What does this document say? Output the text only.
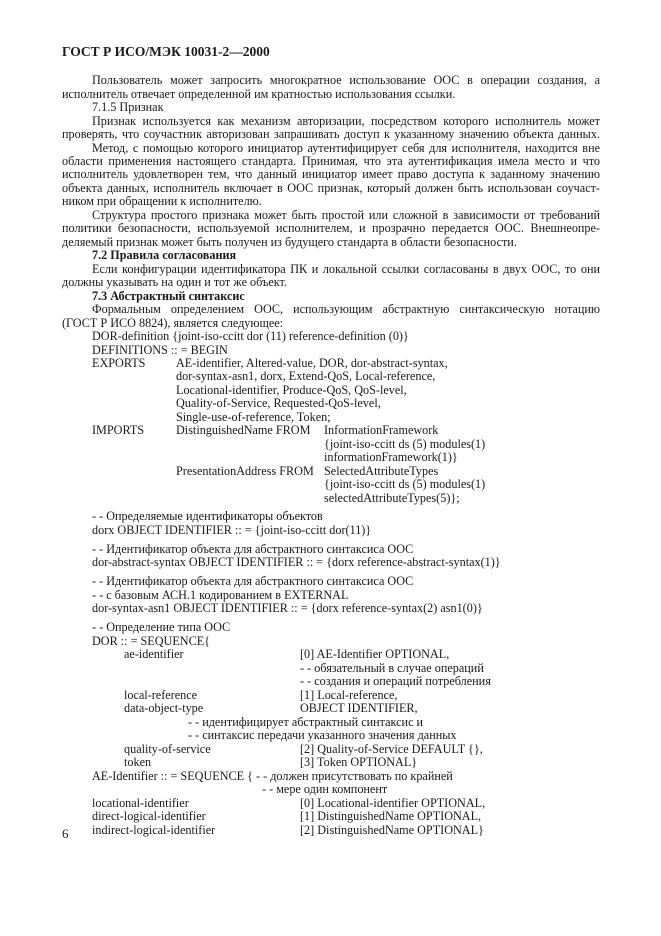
ГОСТ Р ИСО/МЭК 10031-2—2000
Пользователь может запросить многократное использование ООС в операции создания, а
исполнитель отвечает определенной им кратностью использования ссылки.
7.1.5 Признак
Признак используется как механизм авторизации, посредством которого исполнитель может
проверять, что соучастник авторизован запрашивать доступ к указанному значению объекта данных.
Метод, с помощью которого инициатор аутентифицирует себя для исполнителя, находится вне
области применения настоящего стандарта. Принимая, что эта аутентификация имела место и что
исполнитель удовлетворен тем, что данный инициатор имеет право доступа к заданному значению
объекта данных, исполнитель включает в ООС признак, который должен быть использован соучаст-
ником при обращении к исполнителю.
Структура простого признака может быть простой или сложной в зависимости от требований
политики безопасности, используемой исполнителем, и прозрачно передается ООС. Внешнеопре-
деляемый признак может быть получен из будущего стандарта в области безопасности.
7.2 Правила согласования
Если конфигурации идентификатора ПК и локальной ссылки согласованы в двух ООС, то они
должны указывать на один и тот же объект.
7.3 Абстрактный синтаксис
Формальным определением ООС, использующим абстрактную синтаксическую нотацию
(ГОСТ Р ИСО 8824), является следующее:
DOR-definition {joint-iso-ccitt dor (11) reference-definition (0)}
DEFINITIONS :: = BEGIN
EXPORTS	AE-identifier, Altered-value, DOR, dor-abstract-syntax,
dor-syntax-asn1, dorx, Extend-QoS, Local-reference,
Locational-identifier, Produce-QoS, QoS-level,
Quality-of-Service, Requested-QoS-level,
Single-use-of-reference, Token;
IMPORTS	DistinguishedName FROM InformationFramework
{joint-iso-ccitt ds (5) modules(1)
informationFramework(1)}
PresentationAddress FROM SelectedAttributeTypes
{joint-iso-ccitt ds (5) modules(1)
selectedAttributeTypes(5)};
- - Определяемые идентификаторы объектов
dorx OBJECT IDENTIFIER :: = {joint-iso-ccitt dor(11)}
- - Идентификатор объекта для абстрактного синтаксиса ООС
dor-abstract-syntax OBJECT IDENTIFIER :: = {dorx reference-abstract-syntax(1)}
- - Идентификатор объекта для абстрактного синтаксиса ООС
- - с базовым АСН.1 кодированием в EXTERNAL
dor-syntax-asn1 OBJECT IDENTIFIER :: = {dorx reference-syntax(2) asn1(0)}
- - Определение типа ООС
DOR :: = SEQUENCE{
ae-identifier	[0] AE-Identifier OPTIONAL,
- - обязательный в случае операций
- - создания и операций потребления
local-reference	[1] Local-reference,
data-object-type	OBJECT IDENTIFIER,
- - идентифицирует абстрактный синтаксис и
- - синтаксис передачи указанного значения данных
quality-of-service	[2] Quality-of-Service DEFAULT {},
token	[3] Token OPTIONAL}
AE-Identifier :: = SEQUENCE { - - должен присутствовать по крайней
- - мере один компонент
locational-identifier	[0] Locational-identifier OPTIONAL,
direct-logical-identifier	[1] DistinguishedName OPTIONAL,
indirect-logical-identifier	[2] DistinguishedName OPTIONAL}
6
